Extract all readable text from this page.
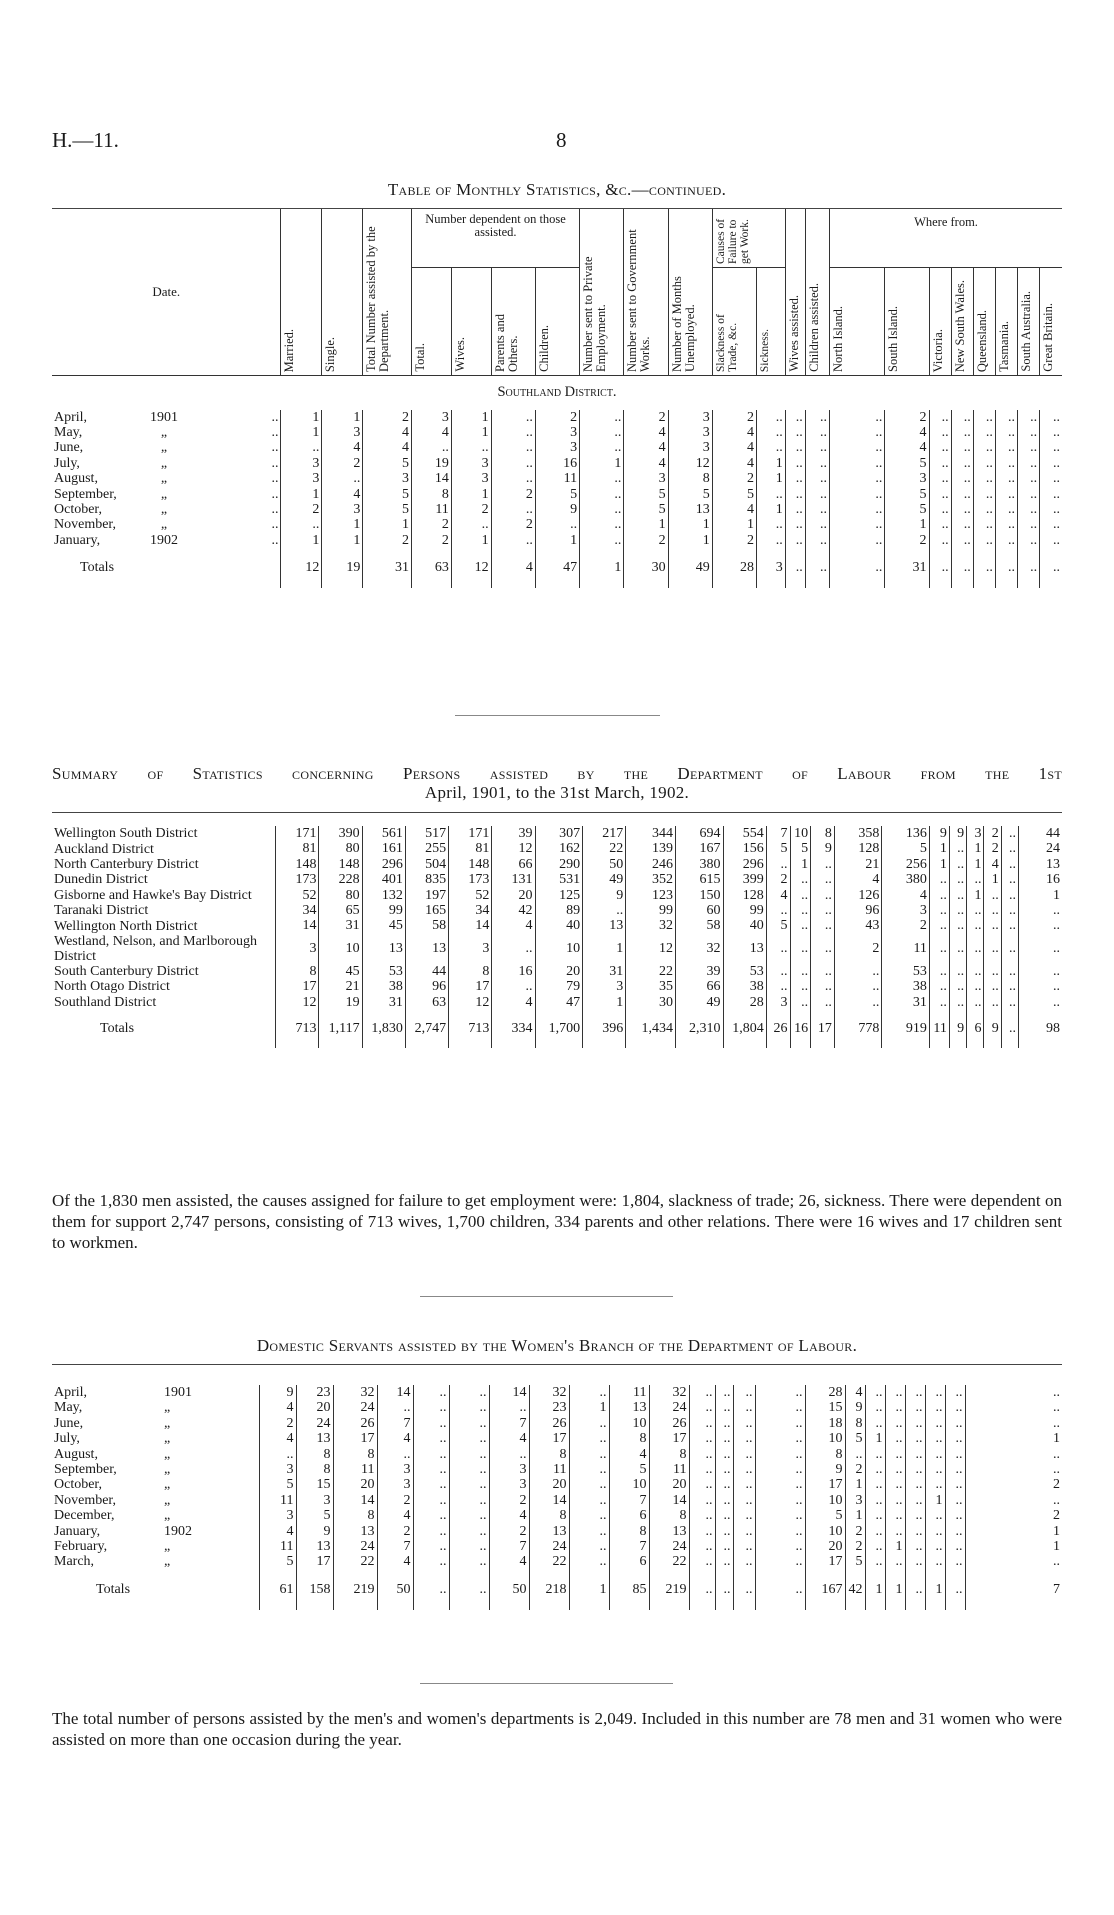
H.—11.	8
Table of Monthly Statistics, &c.—continued.
Date.	Married.	Single.	Total Number assisted by the Department.	Number dependent on those assisted.				Number sent to Private Employment.	Number sent to Government Works.	Number of Months Unemployed.	Causes of Failure to get Work.		Wives assisted.	Children assisted.	Where from.							

				Total.	Wives.	Parents and Others.	Children.				Slackness of Trade, &c.	Sickness.			North Island.	South Island.	Victoria.	New South Wales.	Queensland.	Tasmania.	South Australia.	Great Britain.

Southland District.																						
April, 1901 ..	1	1	2	3	1	..	2	..	2	3	2	..	..	..	..	2	..	..	..	..	..	..
May, „ ..	1	3	4	4	1	..	3	..	4	3	4	..	..	..	..	4	..	..	..	..	..	..
June, „ ..	..	4	4	..	..	..	3	..	4	3	4	..	..	..	..	4	..	..	..	..	..	..
July, „ ..	3	2	5	19	3	..	16	1	4	12	4	1	..	..	..	5	..	..	..	..	..	..
August, „ ..	3	..	3	14	3	..	11	..	3	8	2	1	..	..	..	3	..	..	..	..	..	..
September, „ ..	1	4	5	8	1	2	5	..	5	5	5	..	..	..	..	5	..	..	..	..	..	..
October, „ ..	2	3	5	11	2	..	9	..	5	13	4	1	..	..	..	5	..	..	..	..	..	..
November, „ ..	..	1	1	2	..	2	..	..	1	1	1	..	..	..	..	1	..	..	..	..	..	..
January, 1902 ..	1	1	2	2	1	..	1	..	2	1	2	..	..	..	..	2	..	..	..	..	..	..
Totals	12	19	31	63	12	4	47	1	30	49	28	3	..	..	..	31	..	..	..	..	..	..
Summary of Statistics concerning Persons assisted by the Department of Labour from the 1st
April, 1901, to the 31st March, 1902.
Wellington South District	171	390	561	517	171	39	307	217	344	694	554	7	10	8	358	136	9	9	3	2	..	44
Auckland District	81	80	161	255	81	12	162	22	139	167	156	5	5	9	128	5	1	..	1	2	..	24
North Canterbury District	148	148	296	504	148	66	290	50	246	380	296	..	1	..	21	256	1	..	1	4	..	13
Dunedin District	173	228	401	835	173	131	531	49	352	615	399	2	..	..	4	380	..	..	..	1	..	16
Gisborne and Hawke's Bay District	52	80	132	197	52	20	125	9	123	150	128	4	..	..	126	4	..	..	1	..	..	1
Taranaki District	34	65	99	165	34	42	89	..	99	60	99	..	..	..	96	3	..	..	..	..	..	..
Wellington North District	14	31	45	58	14	4	40	13	32	58	40	5	..	..	43	2	..	..	..	..	..	..
Westland, Nelson, and Marlborough District	3	10	13	13	3	..	10	1	12	32	13	..	..	..	2	11	..	..	..	..	..	..
South Canterbury District	8	45	53	44	8	16	20	31	22	39	53	..	..	..	..	53	..	..	..	..	..	..
North Otago District	17	21	38	96	17	..	79	3	35	66	38	..	..	..	..	38	..	..	..	..	..	..
Southland District	12	19	31	63	12	4	47	1	30	49	28	3	..	..	..	31	..	..	..	..	..	..
Totals	713	1,117	1,830	2,747	713	334	1,700	396	1,434	2,310	1,804	26	16	17	778	919	11	9	6	9	..	98
Of the 1,830 men assisted, the causes assigned for failure to get employment were: 1,804, slackness of trade; 26, sickness. There were dependent on them for support 2,747 persons, consisting of 713 wives, 1,700 children, 334 parents and other relations. There were 16 wives and 17 children sent to workmen.
Domestic Servants assisted by the Women's Branch of the Department of Labour.
April,	1901	9	23	32	14	..	..	14	32	..	11	32	..	..	..	..	28	4	..	..	..	..	..	..
May,	„	4	20	24	..	..	..	..	23	1	13	24	..	..	..	..	15	9	..	..	..	..	..	..
June,	„	2	24	26	7	..	..	7	26	..	10	26	..	..	..	..	18	8	..	..	..	..	..	..
July,	„	4	13	17	4	..	..	4	17	..	8	17	..	..	..	..	10	5	1	..	..	..	..	1
August,	„	..	8	8	..	..	..	..	8	..	4	8	..	..	..	..	8	..	..	..	..	..	..	..
September,	„	3	8	11	3	..	..	3	11	..	5	11	..	..	..	..	9	2	..	..	..	..	..	..
October,	„	5	15	20	3	..	..	3	20	..	10	20	..	..	..	..	17	1	..	..	..	..	..	2
November,	„	11	3	14	2	..	..	2	14	..	7	14	..	..	..	..	10	3	..	..	..	1	..	..
December,	„	3	5	8	4	..	..	4	8	..	6	8	..	..	..	..	5	1	..	..	..	..	..	2
January,	1902	4	9	13	2	..	..	2	13	..	8	13	..	..	..	..	10	2	..	..	..	..	..	1
February,	„	11	13	24	7	..	..	7	24	..	7	24	..	..	..	..	20	2	..	1	..	..	..	1
March,	„	5	17	22	4	..	..	4	22	..	6	22	..	..	..	..	17	5	..	..	..	..	..	..
Totals		61	158	219	50	..	..	50	218	1	85	219	..	..	..	..	167	42	1	1	..	1	..	7
The total number of persons assisted by the men's and women's departments is 2,049. Included in this number are 78 men and 31 women who were assisted on more than one occasion during the year.
